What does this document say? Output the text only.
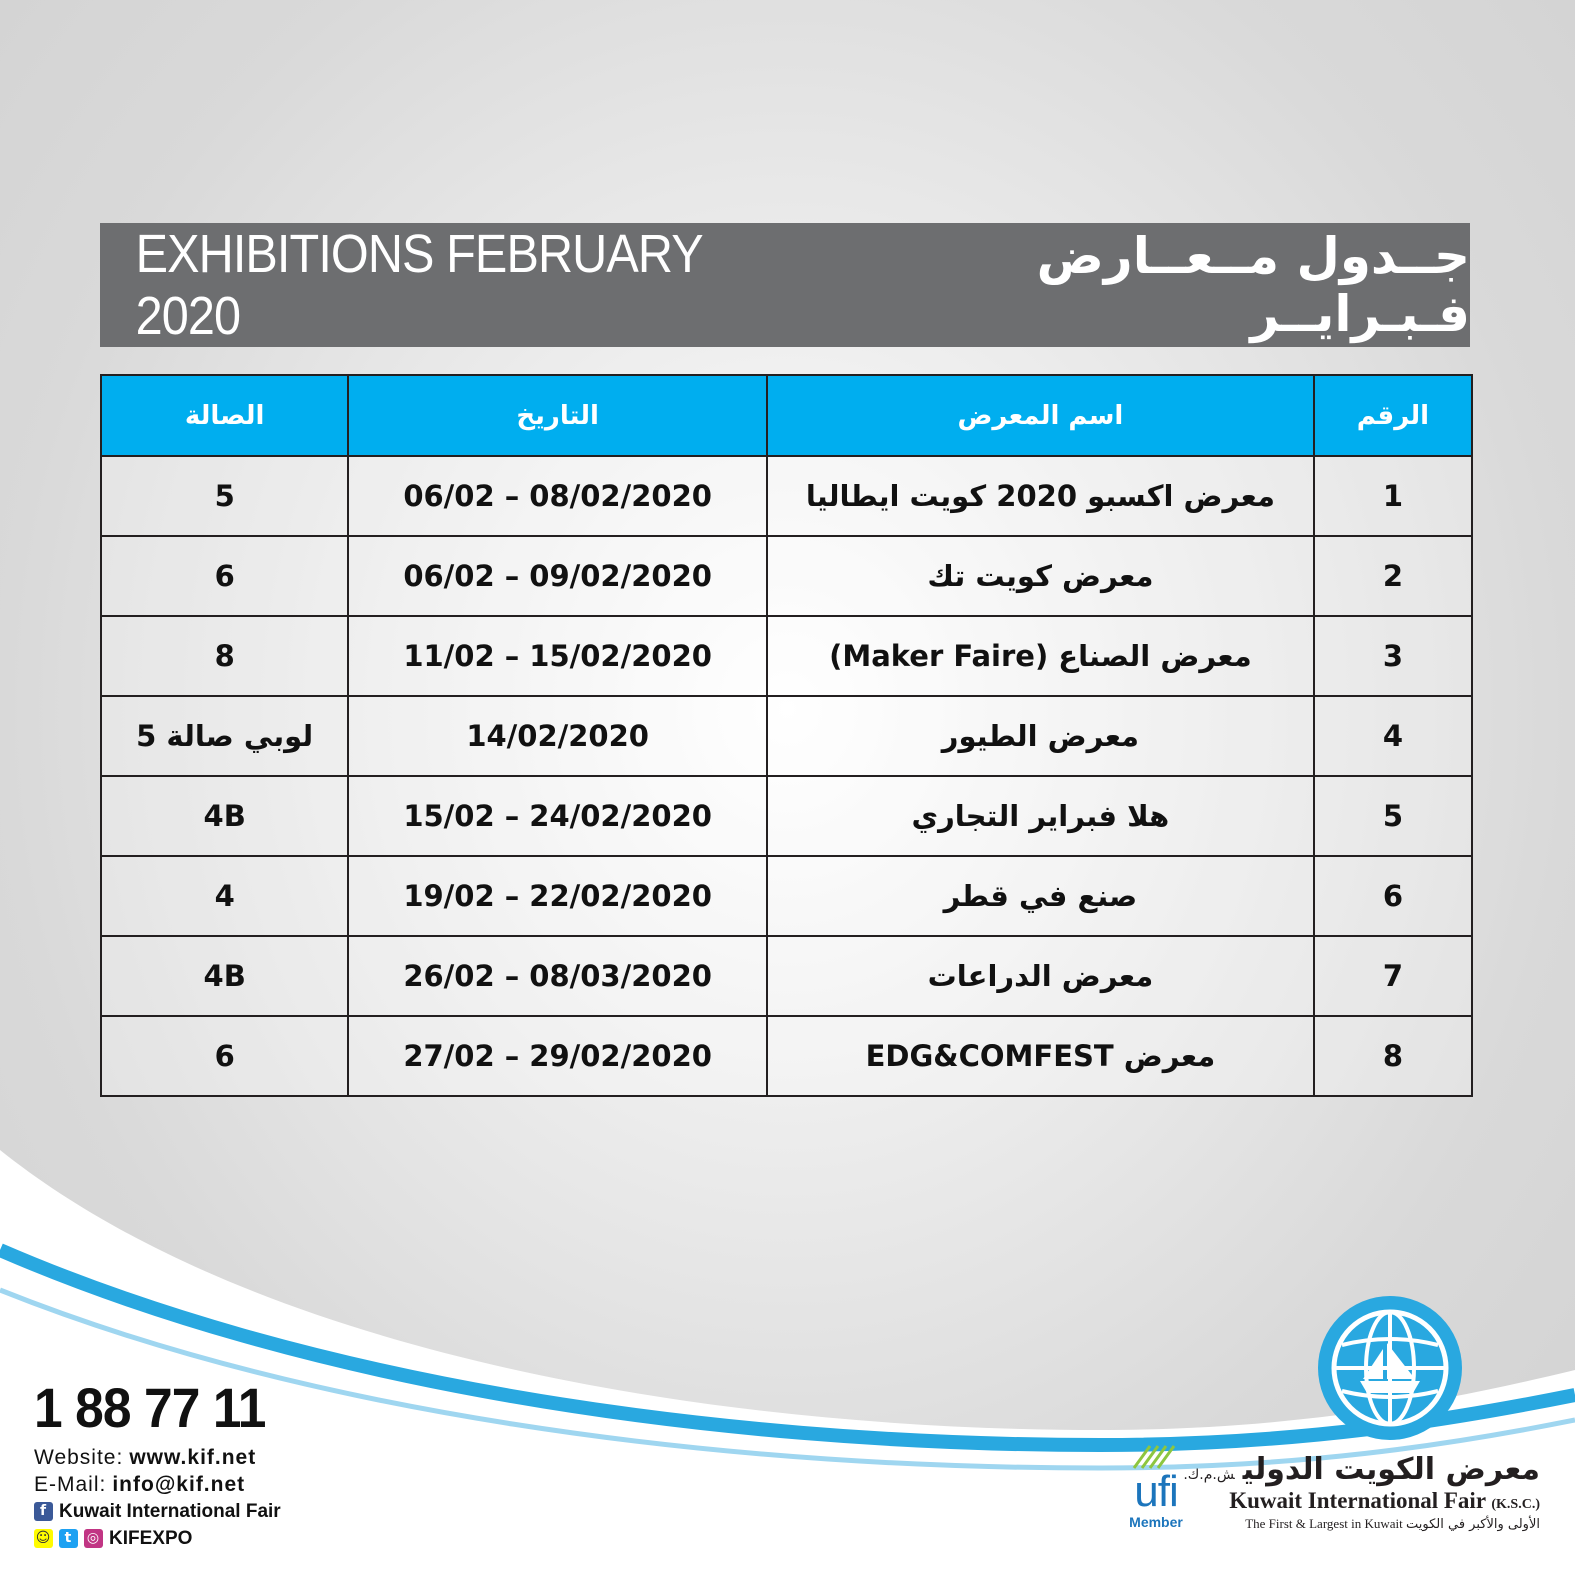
EXHIBITIONS FEBRUARY 2020
جــدول مــعــارض فـبـرايــر
الرقم	اسم المعرض	التاريخ	الصالة
1	معرض اكسبو 2020 كويت ايطاليا	06/02 – 08/02/2020	5
2	معرض كويت تك	06/02 – 09/02/2020	6
3	معرض الصناع (Maker Faire)	11/02 – 15/02/2020	8
4	معرض الطيور	14/02/2020	لوبي صالة 5
5	هلا فبراير التجاري	15/02 – 24/02/2020	4B
6	صنع في قطر	19/02 – 22/02/2020	4
7	معرض الدراعات	26/02 – 08/03/2020	4B
8	معرض EDG&COMFEST	27/02 – 29/02/2020	6
1 88 77 11
Website: www.kif.net
E-Mail: info@kif.net
f Kuwait International Fair
☺ t	◎ KIFEXPO
ufi
Member
معرض الكويت الدوليش.م.ك.
Kuwait International Fair (K.S.C.)
The First & Largest in Kuwait الأولى والأكبر في الكويت
